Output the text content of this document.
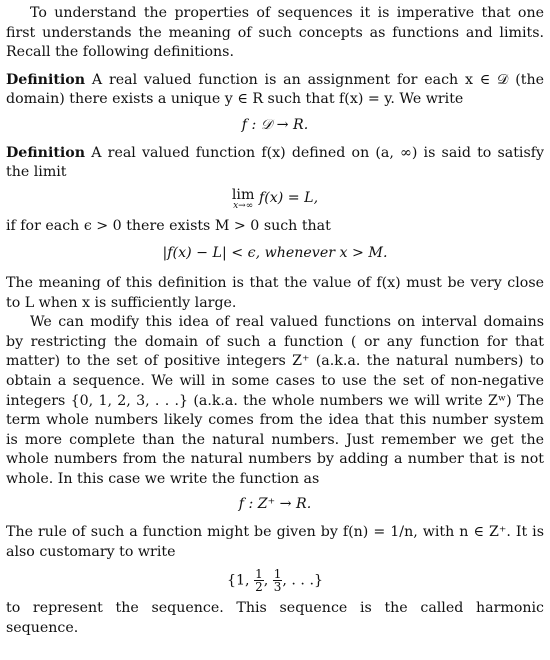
To understand the properties of sequences it is imperative that one first understands the meaning of such concepts as functions and limits. Recall the following definitions.

Definition A real valued function is an assignment for each x ∈ 𝒟 (the domain) there exists a unique y ∈ R such that f(x) = y. We write

f : 𝒟 → R.

Definition A real valued function f(x) defined on (a, ∞) is said to satisfy the limit

lim
x→∞ f(x) = L,

if for each ϵ > 0 there exists M > 0 such that

|f(x) − L| < ϵ, whenever x > M.

The meaning of this definition is that the value of f(x) must be very close to L when x is sufficiently large.

We can modify this idea of real valued functions on interval domains by restricting the domain of such a function ( or any function for that matter) to the set of positive integers Z⁺ (a.k.a. the natural numbers) to obtain a sequence. We will in some cases to use the set of non-negative integers {0, 1, 2, 3, . . .} (a.k.a. the whole numbers we will write Zʷ) The term whole numbers likely comes from the idea that this number system is more complete than the natural numbers. Just remember we get the whole numbers from the natural numbers by adding a number that is not whole. In this case we write the function as

f : Z⁺ → R.

The rule of such a function might be given by f(n) = 1/n, with n ∈ Z⁺. It is also customary to write

{1, $\frac{1}{2}$ , $\frac{1}{3}$ , . . .}

to represent the sequence. This sequence is the called harmonic sequence.
